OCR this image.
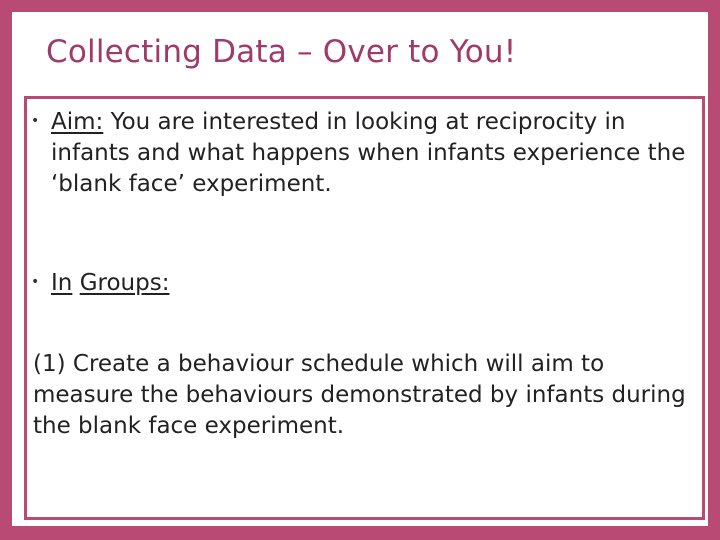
Collecting Data – Over to You!
• Aim: You are interested in looking at reciprocity in infants and what happens when infants experience the ‘blank face’ experiment.
• In Groups:

(1) Create a behaviour schedule which will aim to measure the behaviours demonstrated by infants during the blank face experiment.
